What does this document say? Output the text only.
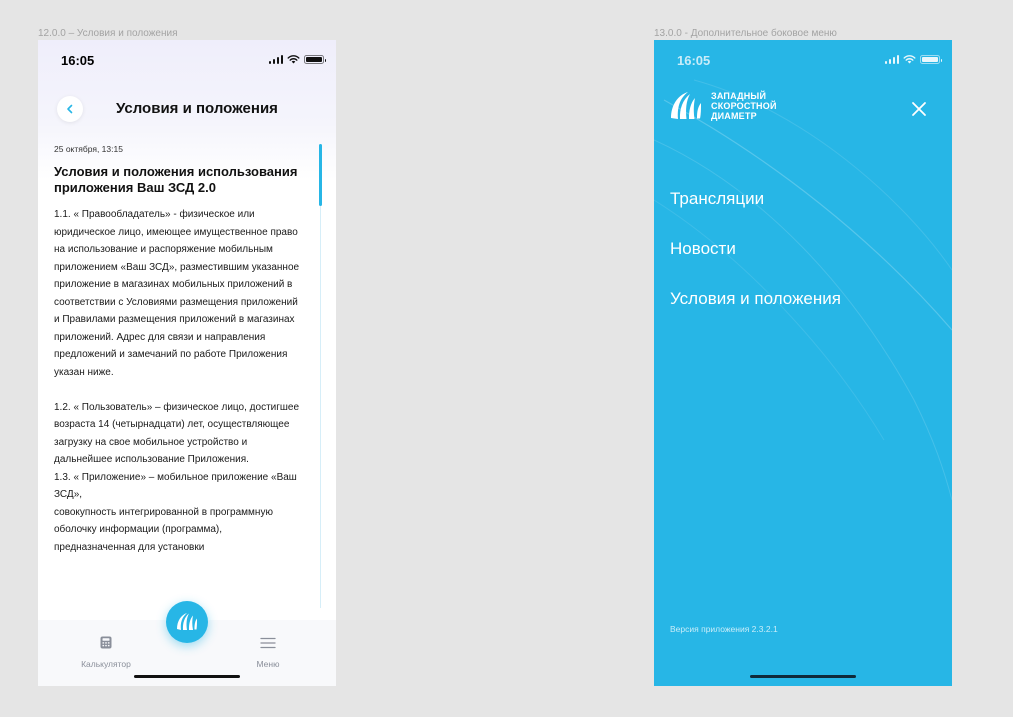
12.0.0 – Условия и положения	13.0.0 - Дополнительное боковое меню
16:05
Условия и положения
25 октября, 13:15
Условия и положения использования приложения Ваш ЗСД 2.0

1.1. « Правообладатель» - физическое или юридическое лицо, имеющее имущественное право на использование и распоряжение мобильным приложением «Ваш ЗСД», разместившим указанное приложение в магазинах мобильных приложений в соответствии с Условиями размещения приложений и Правилами размещения приложений в магазинах приложений. Адрес для связи и направления предложений и замечаний по работе Приложения указан ниже.

1.2. « Пользователь» – физическое лицо, достигшее возраста 14 (четырнадцати) лет, осуществляющее загрузку на свое мобильное устройство и дальнейшее использование Приложения.

1.3. « Приложение» – мобильное приложение «Ваш ЗСД»,

совокупность интегрированной в программную оболочку информации (программа), предназначенная для установки

Калькулятор	Меню
16:05
ЗАПАДНЫЙ
СКОРОСТНОЙ
ДИАМЕТР
Трансляции
Новости
Условия и положения
Версия приложения 2.3.2.1
